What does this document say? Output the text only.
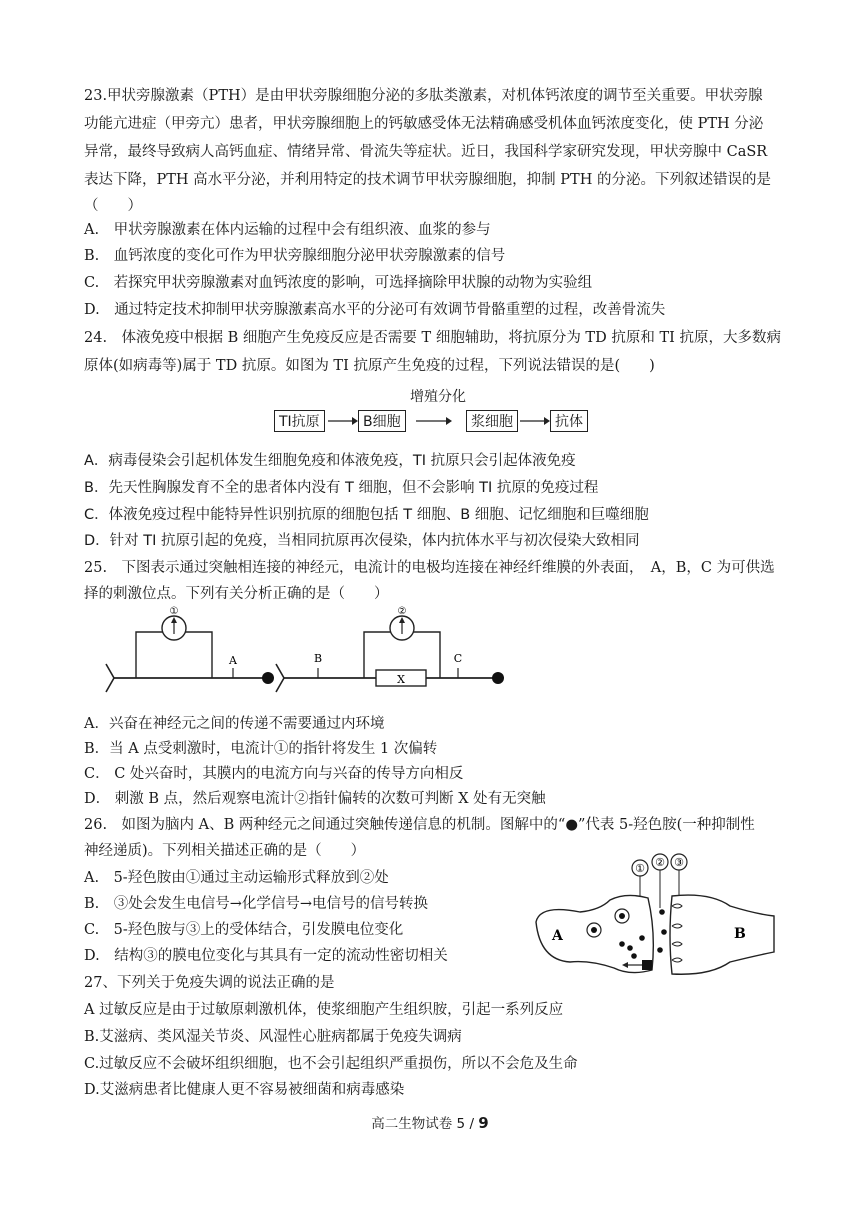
23.甲状旁腺激素（PTH）是由甲状旁腺细胞分泌的多肽类激素，对机体钙浓度的调节至关重要。甲状旁腺
功能亢进症（甲旁亢）患者，甲状旁腺细胞上的钙敏感受体无法精确感受机体血钙浓度变化，使 PTH 分泌
异常，最终导致病人高钙血症、情绪异常、骨流失等症状。近日，我国科学家研究发现，甲状旁腺中 CaSR
表达下降，PTH 高水平分泌，并利用特定的技术调节甲状旁腺细胞，抑制 PTH 的分泌。下列叙述错误的是
（　　）
A.　甲状旁腺激素在体内运输的过程中会有组织液、血浆的参与
B.　血钙浓度的变化可作为甲状旁腺细胞分泌甲状旁腺激素的信号
C.　若探究甲状旁腺激素对血钙浓度的影响，可选择摘除甲状腺的动物为实验组
D.　通过特定技术抑制甲状旁腺激素高水平的分泌可有效调节骨骼重塑的过程，改善骨流失
24.　体液免疫中根据 B 细胞产生免疫反应是否需要 T 细胞辅助，将抗原分为 TD 抗原和 TI 抗原，大多数病
原体(如病毒等)属于 TD 抗原。如图为 TI 抗原产生免疫的过程，下列说法错误的是(　　)
增殖分化
TI抗原	B细胞	浆细胞	抗体
A．病毒侵染会引起机体发生细胞免疫和体液免疫，TI 抗原只会引起体液免疫
B．先天性胸腺发育不全的患者体内没有 T 细胞，但不会影响 TI 抗原的免疫过程
C．体液免疫过程中能特异性识别抗原的细胞包括 T 细胞、B 细胞、记忆细胞和巨噬细胞
D．针对 TI 抗原引起的免疫，当相同抗原再次侵染，体内抗体水平与初次侵染大致相同
25.　下图表示通过突触相连接的神经元，电流计的电极均连接在神经纤维膜的外表面，　A，B，C 为可供选
择的刺激位点。下列有关分析正确的是（　　）
①
A	B	C
②
X
A．兴奋在神经元之间的传递不需要通过内环境
B．当 A 点受刺激时，电流计①的指针将发生 1 次偏转
C． C 处兴奋时，其膜内的电流方向与兴奋的传导方向相反
D． 刺激 B 点，然后观察电流计②指针偏转的次数可判断 X 处有无突触
26.　如图为脑内 A、B 两种经元之间通过突触传递信息的机制。图解中的“●”代表 5-羟色胺(一种抑制性
神经递质)。下列相关描述正确的是（　　）
① ② ③
A	B
A.　5-羟色胺由①通过主动运输形式释放到②处
B.　③处会发生电信号→化学信号→电信号的信号转换
C.　5-羟色胺与③上的受体结合，引发膜电位变化
D.　结构③的膜电位变化与其具有一定的流动性密切相关
27、下列关于免疫失调的说法正确的是
A 过敏反应是由于过敏原刺激机体，使浆细胞产生组织胺，引起一系列反应
B.艾滋病、类风湿关节炎、风湿性心脏病都属于免疫失调病
C.过敏反应不会破坏组织细胞，也不会引起组织严重损伤，所以不会危及生命
D.艾滋病患者比健康人更不容易被细菌和病毒感染
高二生物试卷 5 / 9
